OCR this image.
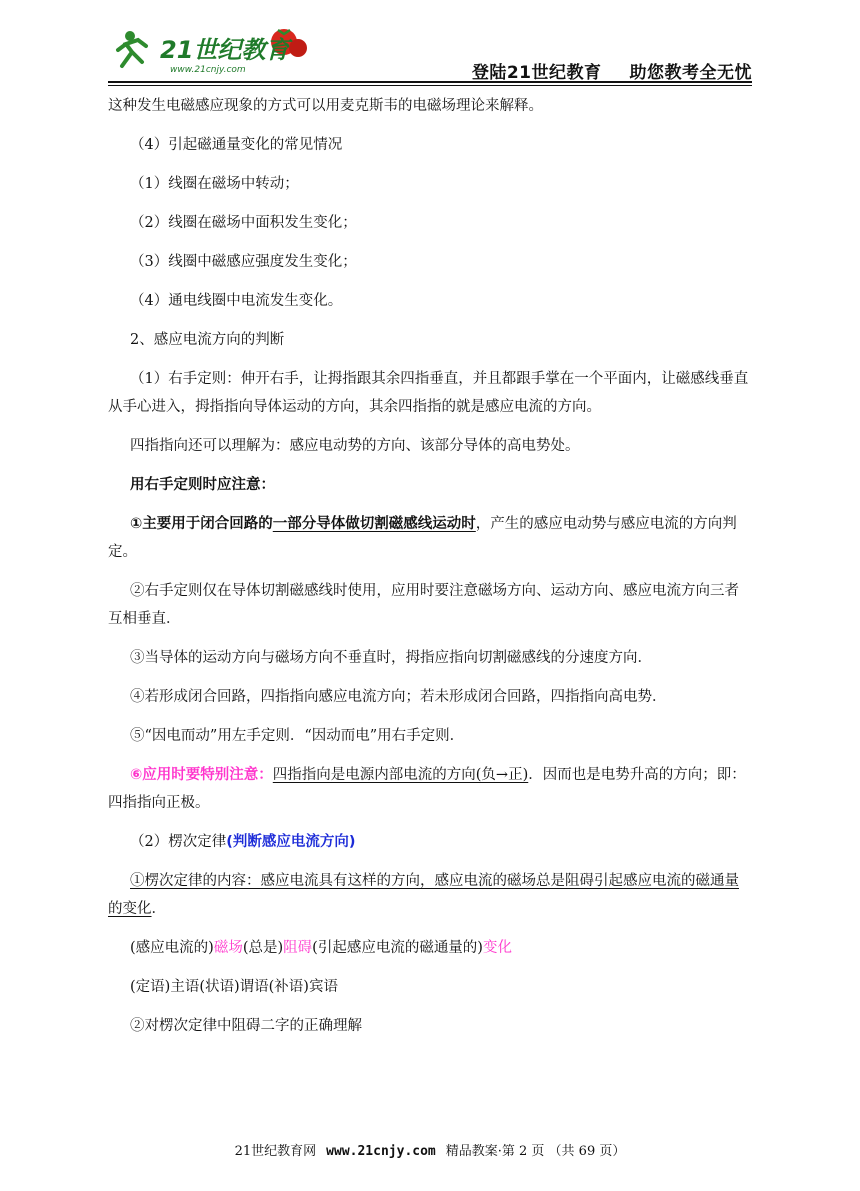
21世纪教育
www.21cnjy.com	登陆21世纪教育 助您教考全无忧

这种发生电磁感应现象的方式可以用麦克斯韦的电磁场理论来解释。

（4）引起磁通量变化的常见情况

（1）线圈在磁场中转动；

（2）线圈在磁场中面积发生变化；

（3）线圈中磁感应强度发生变化；

（4）通电线圈中电流发生变化。

2、感应电流方向的判断

（1）右手定则：伸开右手，让拇指跟其余四指垂直，并且都跟手掌在一个平面内，让磁感线垂直从手心进入，拇指指向导体运动的方向，其余四指指的就是感应电流的方向。

四指指向还可以理解为：感应电动势的方向、该部分导体的高电势处。

用右手定则时应注意：

①主要用于闭合回路的一部分导体做切割磁感线运动时，产生的感应电动势与感应电流的方向判定。

②右手定则仅在导体切割磁感线时使用，应用时要注意磁场方向、运动方向、感应电流方向三者互相垂直．

③当导体的运动方向与磁场方向不垂直时，拇指应指向切割磁感线的分速度方向．

④若形成闭合回路，四指指向感应电流方向；若未形成闭合回路，四指指向高电势．

⑤“因电而动”用左手定则．“因动而电”用右手定则．

⑥应用时要特别注意：四指指向是电源内部电流的方向(负→正)．因而也是电势升高的方向；即：四指指向正极。

（2）楞次定律(判断感应电流方向)

①楞次定律的内容：感应电流具有这样的方向，感应电流的磁场总是阻碍引起感应电流的磁通量的变化．

(感应电流的)磁场(总是)阻碍(引起感应电流的磁通量的)变化

(定语)主语(状语)谓语(补语)宾语

②对楞次定律中阻碍二字的正确理解

21世纪教育网 www.21cnjy.com 精品教案·第 2 页 （共 69 页）
